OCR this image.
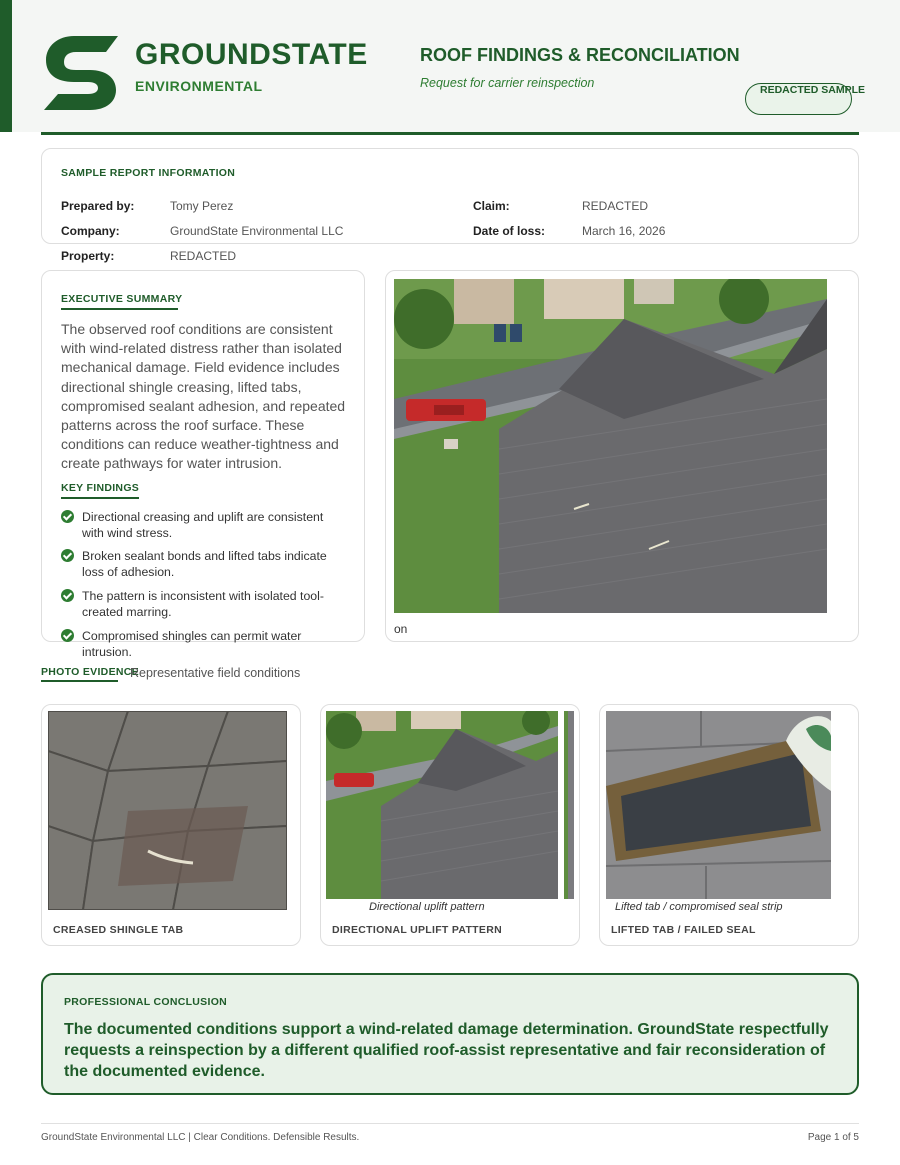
GROUNDSTATE
ENVIRONMENTAL
ROOF FINDINGS & RECONCILIATION
Request for carrier reinspection	REDACTED SAMPLE
SAMPLE REPORT INFORMATION
Prepared by:	Tomy Perez
Company:	GroundState Environmental LLC
Property:	REDACTED
Claim:	REDACTED
Date of loss:	March 16, 2026
EXECUTIVE SUMMARY
The observed roof conditions are consistent with wind-related distress rather than isolated mechanical damage. Field evidence includes directional shingle creasing, lifted tabs, compromised sealant adhesion, and repeated patterns across the roof surface. These conditions can reduce weather-tightness and create pathways for water intrusion.
KEY FINDINGS
Directional creasing and uplift are consistent with wind stress.
Broken sealant bonds and lifted tabs indicate loss of adhesion.
The pattern is inconsistent with isolated tool-created marring.
Compromised shingles can permit water intrusion.
on
PHOTO EVIDENCE
Representative field conditions
CREASED SHINGLE TAB
Directional uplift pattern
DIRECTIONAL UPLIFT PATTERN
Lifted tab / compromised seal strip
LIFTED TAB / FAILED SEAL
PROFESSIONAL CONCLUSION
The documented conditions support a wind-related damage determination. GroundState respectfully requests a reinspection by a different qualified roof-assist representative and fair reconsideration of the documented evidence.
GroundState Environmental LLC | Clear Conditions. Defensible Results.	Page 1 of 5
